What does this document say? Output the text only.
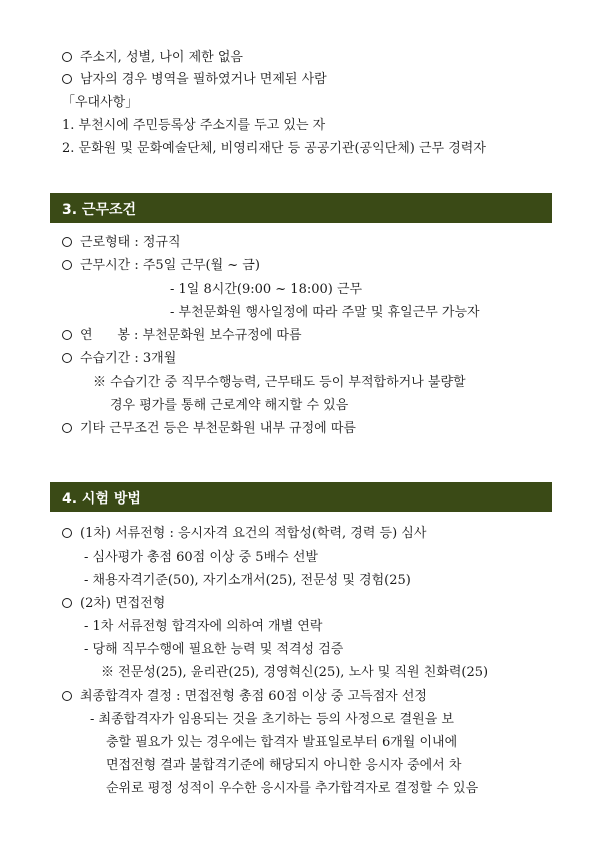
주소지, 성별, 나이 제한 없음
남자의 경우 병역을 필하였거나 면제된 사람
「우대사항」
1. 부천시에 주민등록상 주소지를 두고 있는 자
2. 문화원 및 문화예술단체, 비영리재단 등 공공기관(공익단체) 근무 경력자
3. 근무조건
근로형태 : 정규직
근무시간 : 주5일 근무(월 ~ 금)
- 1일 8시간(9:00 ~ 18:00) 근무
- 부천문화원 행사일정에 따라 주말 및 휴일근무 가능자
연      봉 : 부천문화원 보수규정에 따름
수습기간 : 3개월
※ 수습기간 중 직무수행능력, 근무태도 등이 부적합하거나 불량할
경우 평가를 통해 근로계약 해지할 수 있음
기타 근무조건 등은 부천문화원 내부 규정에 따름
4. 시험 방법
(1차) 서류전형 : 응시자격 요건의 적합성(학력, 경력 등) 심사
- 심사평가 총점 60점 이상 중 5배수 선발
- 채용자격기준(50), 자기소개서(25), 전문성 및 경험(25)
(2차) 면접전형
- 1차 서류전형 합격자에 의하여 개별 연락
- 당해 직무수행에 필요한 능력 및 적격성 검증
※ 전문성(25), 윤리관(25), 경영혁신(25), 노사 및 직원 친화력(25)
최종합격자 결정 : 면접전형 총점 60점 이상 중 고득점자 선정
- 최종합격자가 임용되는 것을 초기하는 등의 사정으로 결원을 보
충할 필요가 있는 경우에는 합격자 발표일로부터 6개월 이내에
면접전형 결과 불합격기준에 해당되지 아니한 응시자 중에서 차
순위로 평정 성적이 우수한 응시자를 추가합격자로 결정할 수 있음
